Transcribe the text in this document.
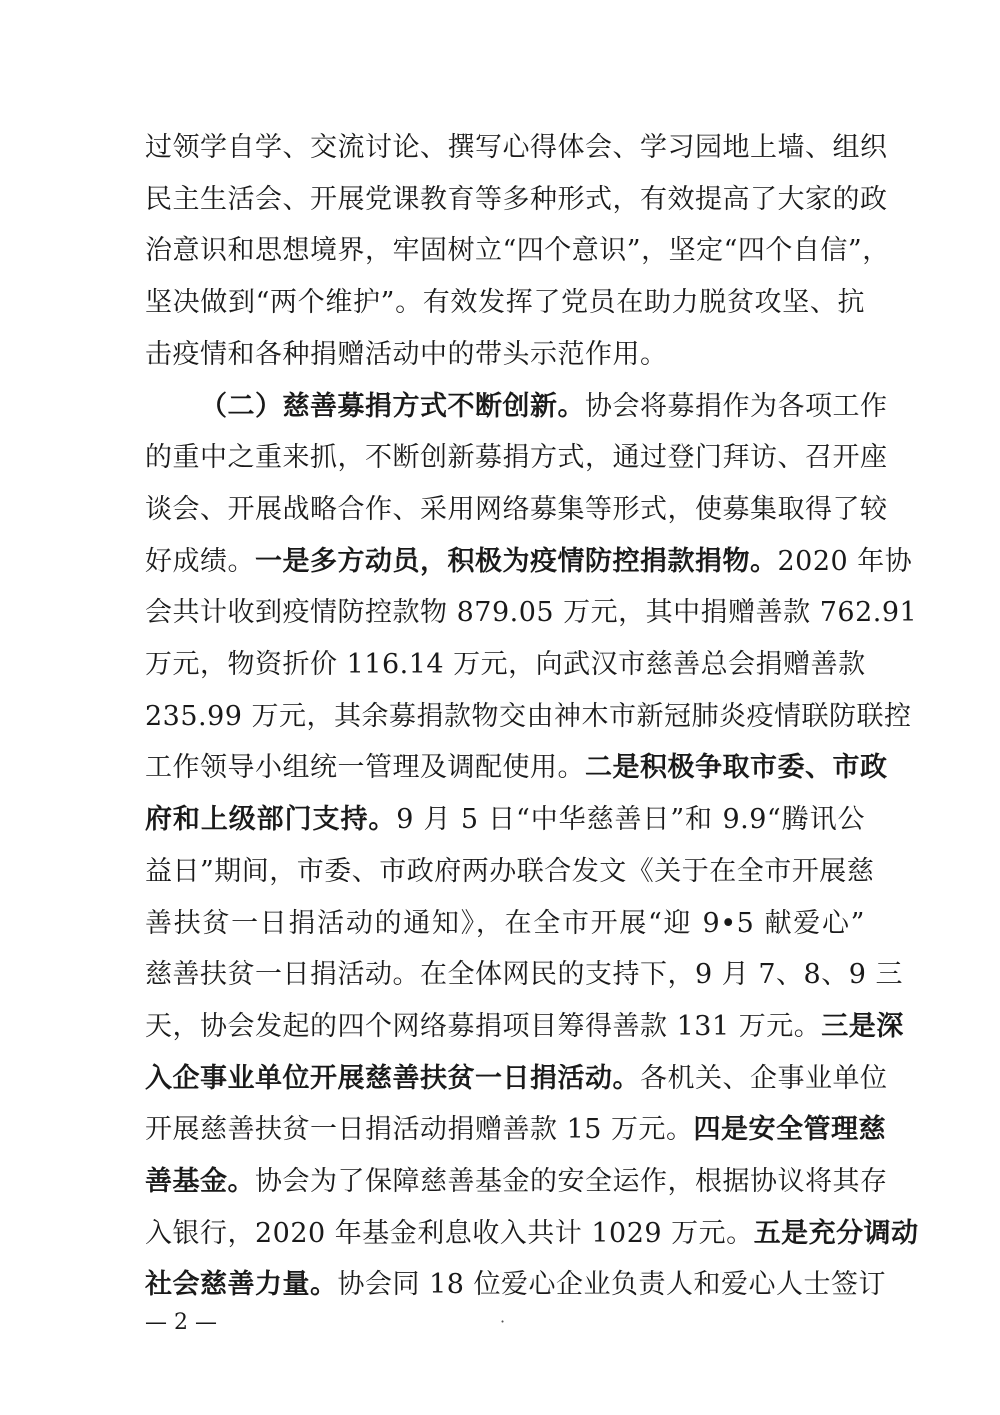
过领学自学、交流讨论、撰写心得体会、学习园地上墙、组织
民主生活会、开展党课教育等多种形式，有效提高了大家的政
治意识和思想境界，牢固树立“四个意识”，坚定“四个自信”，
坚决做到“两个维护”。有效发挥了党员在助力脱贫攻坚、抗
击疫情和各种捐赠活动中的带头示范作用。
（二）慈善募捐方式不断创新。协会将募捐作为各项工作
的重中之重来抓，不断创新募捐方式，通过登门拜访、召开座
谈会、开展战略合作、采用网络募集等形式，使募集取得了较
好成绩。一是多方动员，积极为疫情防控捐款捐物。2020 年协
会共计收到疫情防控款物 879.05 万元，其中捐赠善款 762.91
万元，物资折价 116.14 万元，向武汉市慈善总会捐赠善款
235.99 万元，其余募捐款物交由神木市新冠肺炎疫情联防联控
工作领导小组统一管理及调配使用。二是积极争取市委、市政
府和上级部门支持。9 月 5 日“中华慈善日”和 9.9“腾讯公
益日”期间，市委、市政府两办联合发文《关于在全市开展慈
善扶贫一日捐活动的通知》，在全市开展“迎 9•5 献爱心”
慈善扶贫一日捐活动。在全体网民的支持下，9 月 7、8、9 三
天，协会发起的四个网络募捐项目筹得善款 131 万元。三是深
入企事业单位开展慈善扶贫一日捐活动。各机关、企事业单位
开展慈善扶贫一日捐活动捐赠善款 15 万元。四是安全管理慈
善基金。协会为了保障慈善基金的安全运作，根据协议将其存
入银行，2020 年基金利息收入共计 1029 万元。五是充分调动
社会慈善力量。协会同 18 位爱心企业负责人和爱心人士签订
— 2 —	·
